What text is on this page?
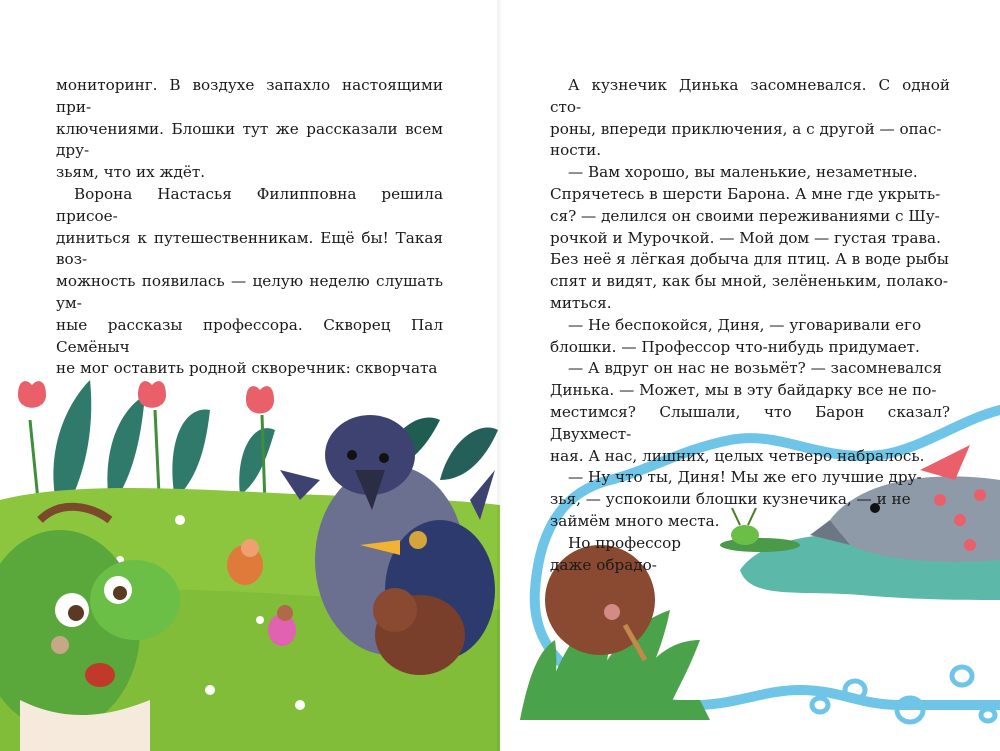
мониторинг. В воздухе запахло настоящими при-

ключениями. Блошки тут же рассказали всем дру-

зьям, что их ждёт.

Ворона Настасья Филипповна решила присое-

диниться к путешественникам. Ещё бы! Такая воз-

можность появилась — целую неделю слушать ум-

ные рассказы профессора. Скворец Пал Семёныч

не мог оставить родной скворечник: скворчата

А кузнечик Динька засомневался. С одной сто-

роны, впереди приключения, а с другой — опас-

ности.

— Вам хорошо, вы маленькие, незаметные.

Спрячетесь в шерсти Барона. А мне где укрыть-

ся? — делился он своими переживаниями с Шу-

рочкой и Мурочкой. — Мой дом — густая трава.

Без неё я лёгкая добыча для птиц. А в воде рыбы

спят и видят, как бы мной, зелёненьким, полако-

миться.

— Не беспокойся, Диня, — уговаривали его

блошки. — Профессор что-нибудь придумает.

— А вдруг он нас не возьмёт? — засомневался

Динька. — Может, мы в эту байдарку все не по-

местимся? Слышали, что Барон сказал? Двухмест-

ная. А нас, лишних, целых четверо набралось.

— Ну что ты, Диня! Мы же его лучшие дру-

зья, — успокоили блошки кузнечика, — и не

займём много места.

Но профессор

даже обрадо-
